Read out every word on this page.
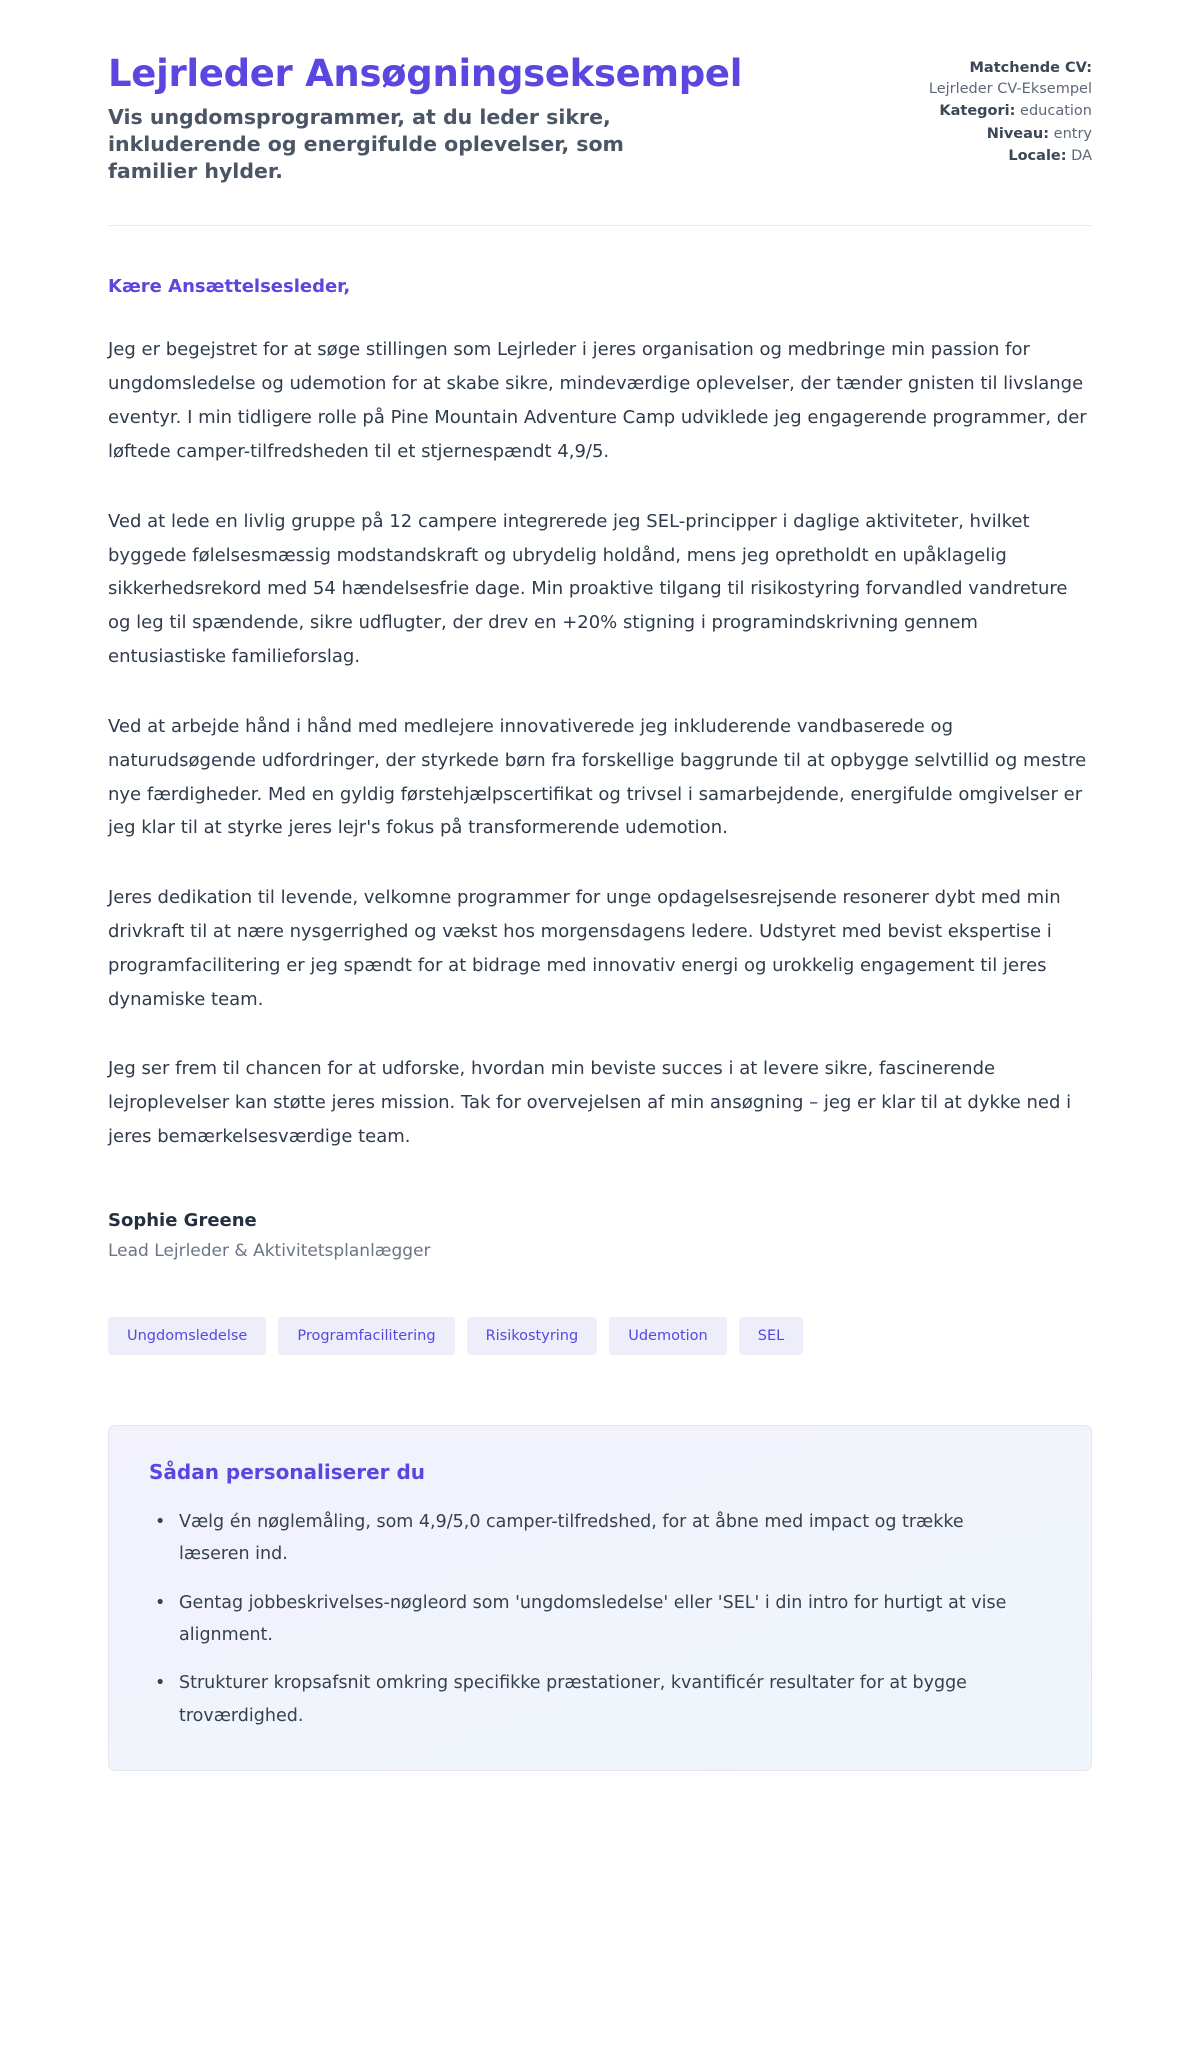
Lejrleder Ansøgningseksempel
Vis ungdomsprogrammer, at du leder sikre, inkluderende og energifulde oplevelser, som familier hylder.
Matchende CV: Lejrleder CV-Eksempel
Kategori: education
Niveau: entry
Locale: DA
Kære Ansættelsesleder,

Jeg er begejstret for at søge stillingen som Lejrleder i jeres organisation og medbringe min passion for ungdomsledelse og udemotion for at skabe sikre, mindeværdige oplevelser, der tænder gnisten til livslange eventyr. I min tidligere rolle på Pine Mountain Adventure Camp udviklede jeg engagerende programmer, der løftede camper-tilfredsheden til et stjernespændt 4,9/5.

Ved at lede en livlig gruppe på 12 campere integrerede jeg SEL-principper i daglige aktiviteter, hvilket byggede følelsesmæssig modstandskraft og ubrydelig holdånd, mens jeg opretholdt en upåklagelig sikkerhedsrekord med 54 hændelsesfrie dage. Min proaktive tilgang til risikostyring forvandled vandreture og leg til spændende, sikre udflugter, der drev en +20% stigning i programindskrivning gennem entusiastiske familieforslag.

Ved at arbejde hånd i hånd med medlejere innovativerede jeg inkluderende vandbaserede og naturudsøgende udfordringer, der styrkede børn fra forskellige baggrunde til at opbygge selvtillid og mestre nye færdigheder. Med en gyldig førstehjælpscertifikat og trivsel i samarbejdende, energifulde omgivelser er jeg klar til at styrke jeres lejr's fokus på transformerende udemotion.

Jeres dedikation til levende, velkomne programmer for unge opdagelsesrejsende resonerer dybt med min drivkraft til at nære nysgerrighed og vækst hos morgensdagens ledere. Udstyret med bevist ekspertise i programfacilitering er jeg spændt for at bidrage med innovativ energi og urokkelig engagement til jeres dynamiske team.

Jeg ser frem til chancen for at udforske, hvordan min beviste succes i at levere sikre, fascinerende lejroplevelser kan støtte jeres mission. Tak for overvejelsen af min ansøgning – jeg er klar til at dykke ned i jeres bemærkelsesværdige team.

Sophie Greene
Lead Lejrleder & Aktivitetsplanlægger
Ungdomsledelse	Programfacilitering	Risikostyring	Udemotion	SEL
Sådan personaliserer du
• Vælg én nøglemåling, som 4,9/5,0 camper-tilfredshed, for at åbne med impact og trække læseren ind.
• Gentag jobbeskrivelses-nøgleord som 'ungdomsledelse' eller 'SEL' i din intro for hurtigt at vise alignment.
• Strukturer kropsafsnit omkring specifikke præstationer, kvantificér resultater for at bygge troværdighed.
